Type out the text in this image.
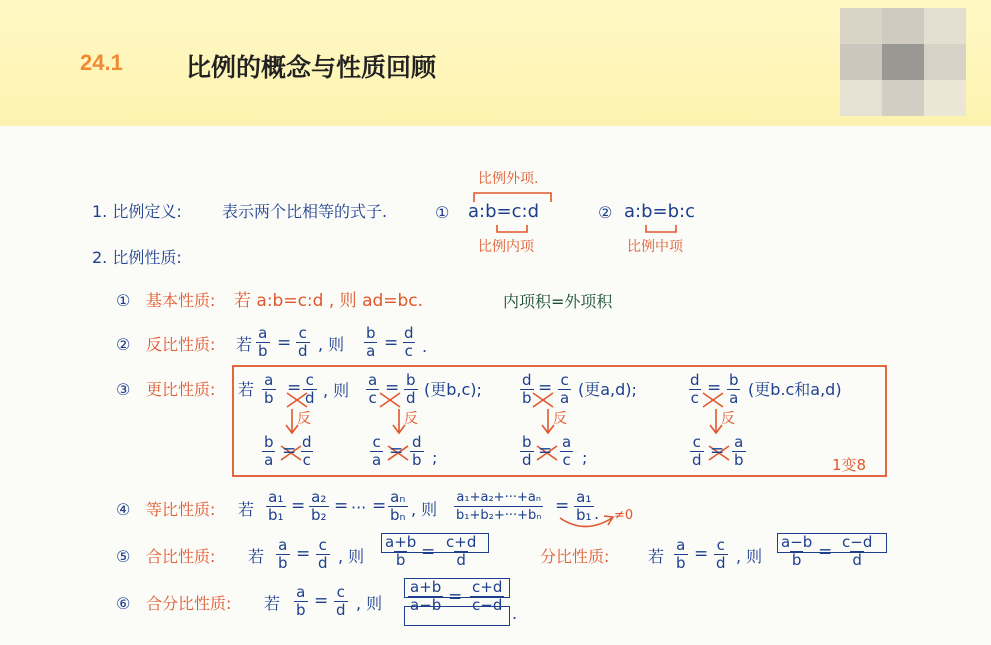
24.1	比例的概念与性质回顾
1. 比例定义:	表示两个比相等的式子.	① a:b=c:d
比例外项.
比例内项
② a:b=b:c
比例中项
2. 比例性质:
① 基本性质: 若 a:b=c:d , 则 ad=bc.	内项积=外项积
② 反比性质: 若 $\frac{a}{b} = \frac{c}{d}$ , 则 $\frac{b}{a} = \frac{d}{c}$ .
③ 更比性质: 若 $\frac{a}{b} = \frac{c}{d}$ , 则 $\frac{a}{c} = \frac{b}{d}$ (更b,c);	$\frac{d}{b} = \frac{c}{a}$ (更a,d);	$\frac{d}{c} = \frac{b}{a}$ (更b.c和a,d)
反	反	反	反
$\frac{b}{a} = \frac{d}{c}$	$\frac{c}{a} = \frac{d}{b}$ ;	$\frac{b}{d} = \frac{a}{c}$ ;	$\frac{c}{d} = \frac{a}{b}$	1变8
④ 等比性质: 若 $\frac{\text{a₁}}{\text{b₁}} = \frac{\text{a₂}}{\text{b₂}}$ = ··· = $\frac{\text{aₙ}}{\text{bₙ}}$ , 则 $\frac{\text{a₁+a₂+···+aₙ}}{\text{b₁+b₂+···+bₙ}} = \frac{\text{a₁}}{\text{b₁}}$ . ≠0
⑤ 合比性质: 若 $\frac{a}{b} = \frac{c}{d}$ , 则 $\frac{a+b}{b} = \frac{c+d}{d}$	分比性质: 若 $\frac{a}{b} = \frac{c}{d}$ , 则 $\frac{a-b}{b} = \frac{c-d}{d}$
⑥ 合分比性质: 若 $\frac{a}{b} = \frac{c}{d}$ , 则 $\frac{a+b}{a-b} = \frac{c+d}{c-d}$ .
